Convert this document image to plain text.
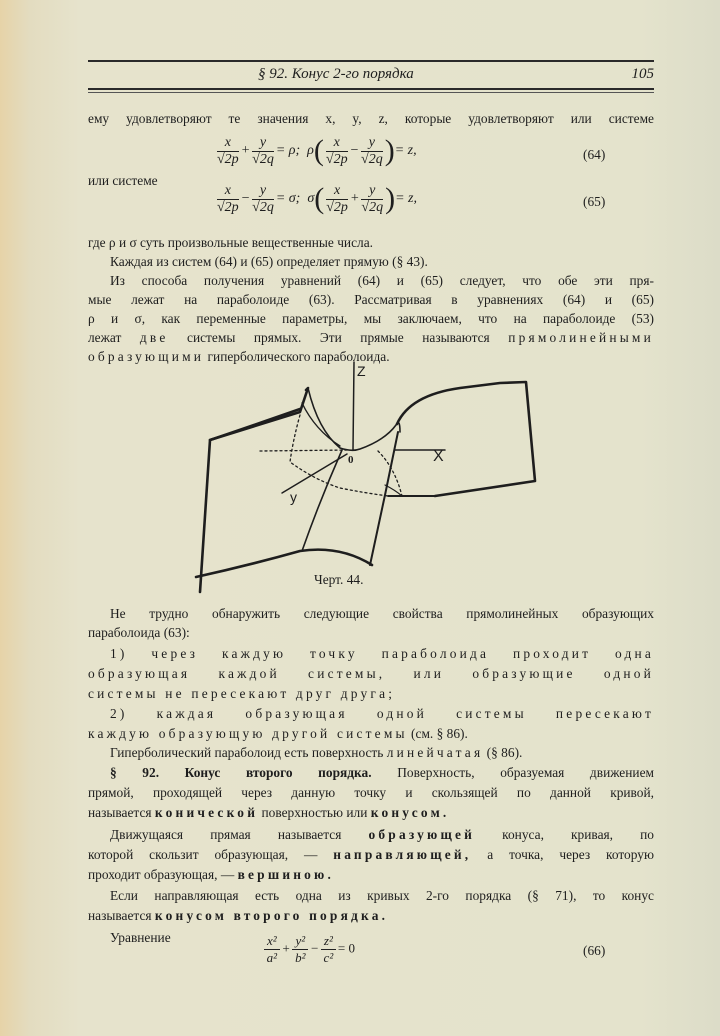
§ 92. Конус 2-го порядка	105
ему удовлетворяют те значения x, y, z, которые удовлетворяют или системе
$\frac{x}{√2p} + \frac{y}{√2q} = \rho$; $\rho( \frac{x}{√2p} - \frac{y}{√2q}$ )= z,	(64)
или системе
$\frac{x}{√2p} - \frac{y}{√2q} = \sigma$; $\sigma( \frac{x}{√2p} + \frac{y}{√2q}$ )= z,	(65)
где ρ и σ суть произвольные вещественные числа.
Каждая из систем (64) и (65) определяет прямую (§ 43).
Из способа получения уравнений (64) и (65) следует, что обе эти пря-
мые лежат на параболоиде (63). Рассматривая в уравнениях (64) и (65)
ρ и σ, как переменные параметры, мы заключаем, что на параболоиде (53)
лежат две системы прямых. Эти прямые называются прямолинейными
образующими гиперболического параболоида.
Z
X
y
0
Черт. 44.
Не трудно обнаружить следующие свойства прямолинейных образующих
параболоида (63):
1) через каждую точку параболоида проходит одна
образующая каждой системы, или образующие одной
системы не пересекают друг друга;
2) каждая образующая одной системы пересекают
каждую образующую другой системы (см. § 86).
Гиперболический параболоид есть поверхность линейчатая (§ 86).
§ 92. Конус второго порядка. Поверхность, образуемая движением
прямой, проходящей через данную точку и скользящей по данной кривой,
называется конической поверхностью или конусом.
Движущаяся прямая называется образующей конуса, кривая, по
которой скользит образующая, — направляющей, а точка, через которую
проходит образующая, — вершиною.
Если направляющая есть одна из кривых 2-го порядка (§ 71), то конус
называется конусом второго порядка.
Уравнение	$\frac{\text{x²}}{\text{a²}} + \frac{\text{y²}}{\text{b²}} - \frac{\text{z²}}{\text{c²}} = 0$	(66)
